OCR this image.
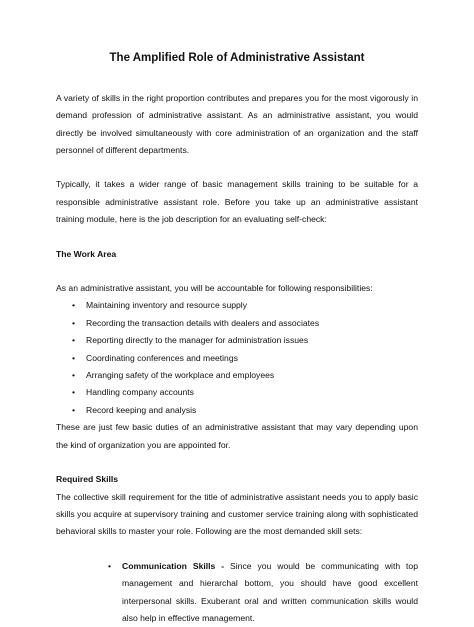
The Amplified Role of Administrative Assistant

A variety of skills in the right proportion contributes and prepares you for the most vigorously in demand profession of administrative assistant. As an administrative assistant, you would directly be involved simultaneously with core administration of an organization and the staff personnel of different departments.

Typically, it takes a wider range of basic management skills training to be suitable for a responsible administrative assistant role. Before you take up an administrative assistant training module, here is the job description for an evaluating self-check:

The Work Area

As an administrative assistant, you will be accountable for following responsibilities:

• Maintaining inventory and resource supply
• Recording the transaction details with dealers and associates
• Reporting directly to the manager for administration issues
• Coordinating conferences and meetings
• Arranging safety of the workplace and employees
• Handling company accounts
• Record keeping and analysis

These are just few basic duties of an administrative assistant that may vary depending upon the kind of organization you are appointed for.

Required Skills

The collective skill requirement for the title of administrative assistant needs you to apply basic skills you acquire at supervisory training and customer service training along with sophisticated behavioral skills to master your role. Following are the most demanded skill sets:

• Communication Skills - Since you would be communicating with top management and hierarchal bottom, you should have good excellent interpersonal skills. Exuberant oral and written communication skills would also help in effective management.
